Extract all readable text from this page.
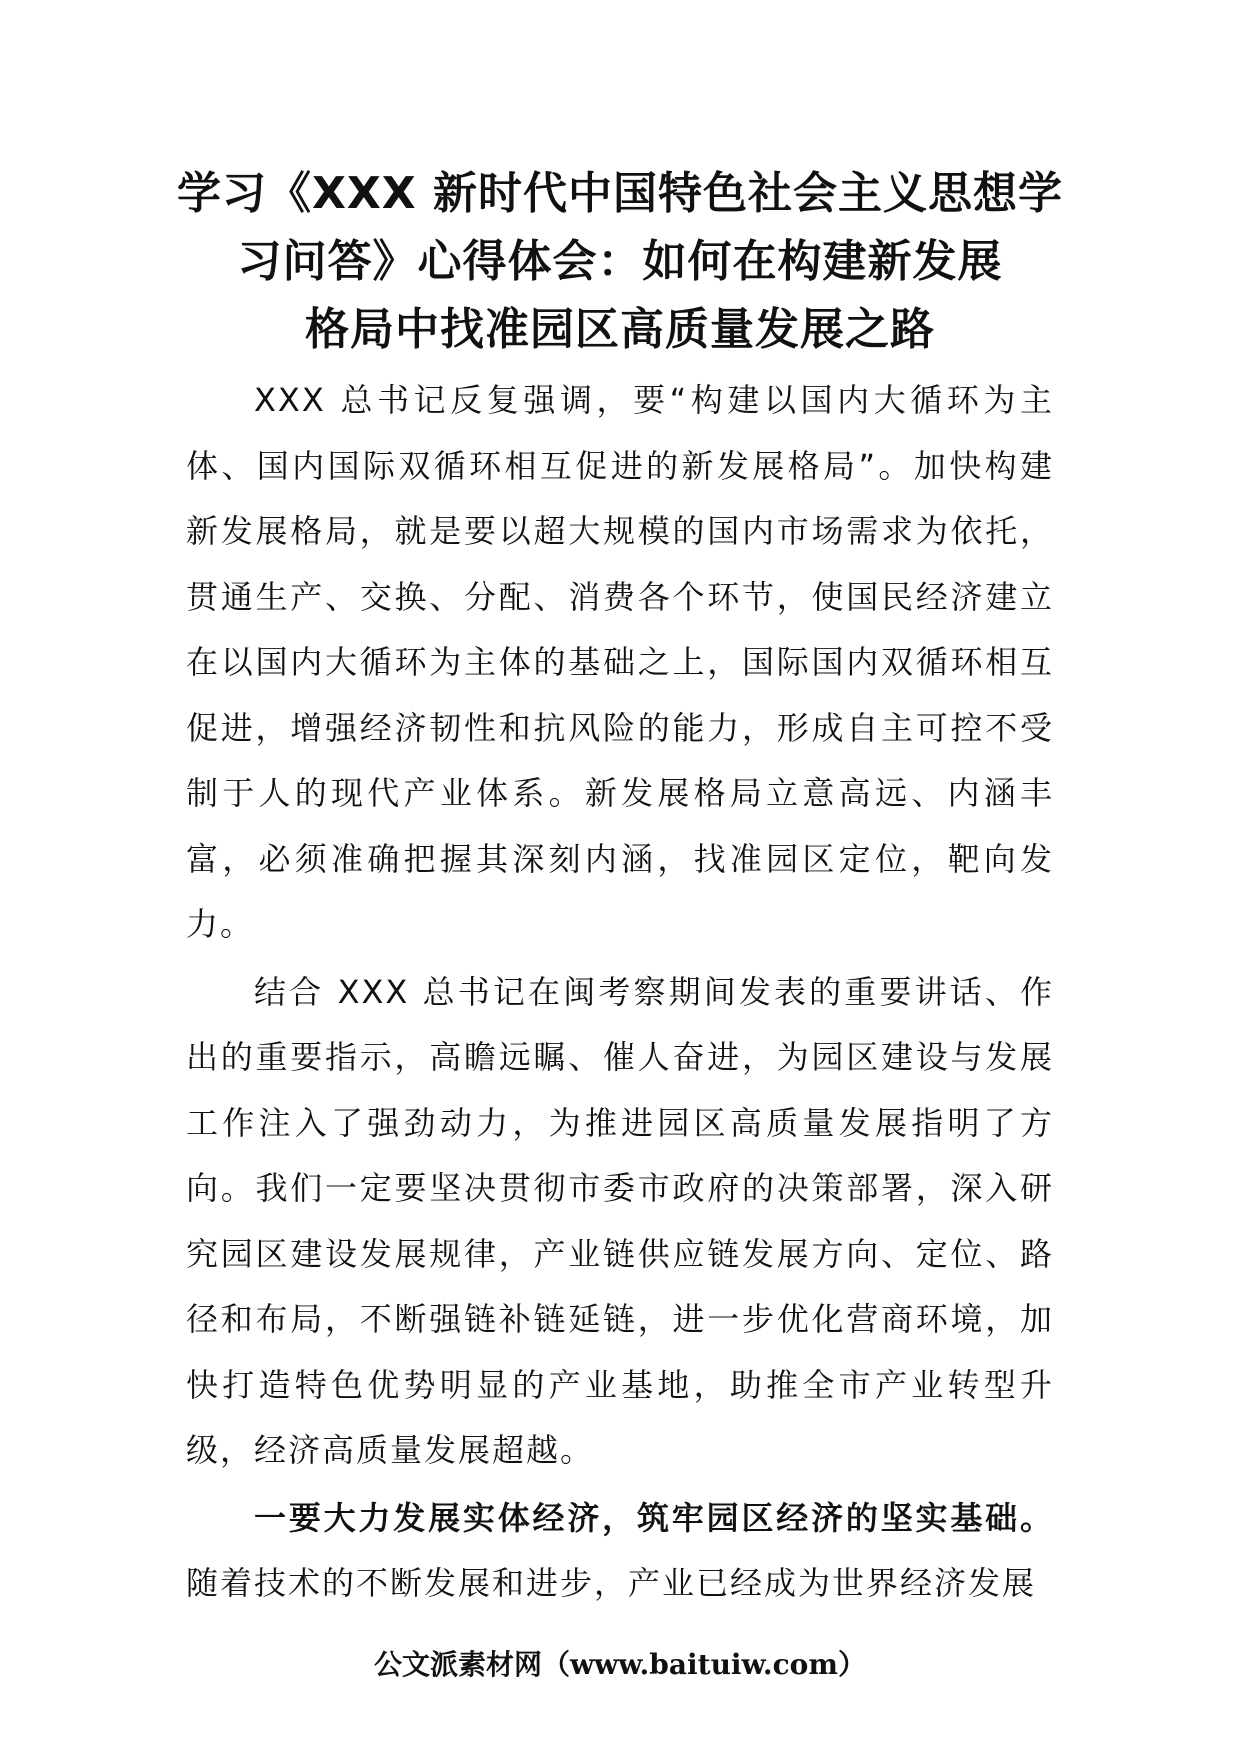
学习《XXX 新时代中国特色社会主义思想学
习问答》心得体会：如何在构建新发展
格局中找准园区高质量发展之路

XXX 总书记反复强调，要“构建以国内大循环为主体、国内国际双循环相互促进的新发展格局”。加快构建新发展格局，就是要以超大规模的国内市场需求为依托，贯通生产、交换、分配、消费各个环节，使国民经济建立在以国内大循环为主体的基础之上，国际国内双循环相互促进，增强经济韧性和抗风险的能力，形成自主可控不受制于人的现代产业体系。新发展格局立意高远、内涵丰富，必须准确把握其深刻内涵，找准园区定位，靶向发力。

结合 XXX 总书记在闽考察期间发表的重要讲话、作出的重要指示，高瞻远瞩、催人奋进，为园区建设与发展工作注入了强劲动力，为推进园区高质量发展指明了方向。我们一定要坚决贯彻市委市政府的决策部署，深入研究园区建设发展规律，产业链供应链发展方向、定位、路径和布局，不断强链补链延链，进一步优化营商环境，加快打造特色优势明显的产业基地，助推全市产业转型升级，经济高质量发展超越。

一要大力发展实体经济，筑牢园区经济的坚实基础。随着技术的不断发展和进步，产业已经成为世界经济发展

公文派素材网（www.baituiw.com）
